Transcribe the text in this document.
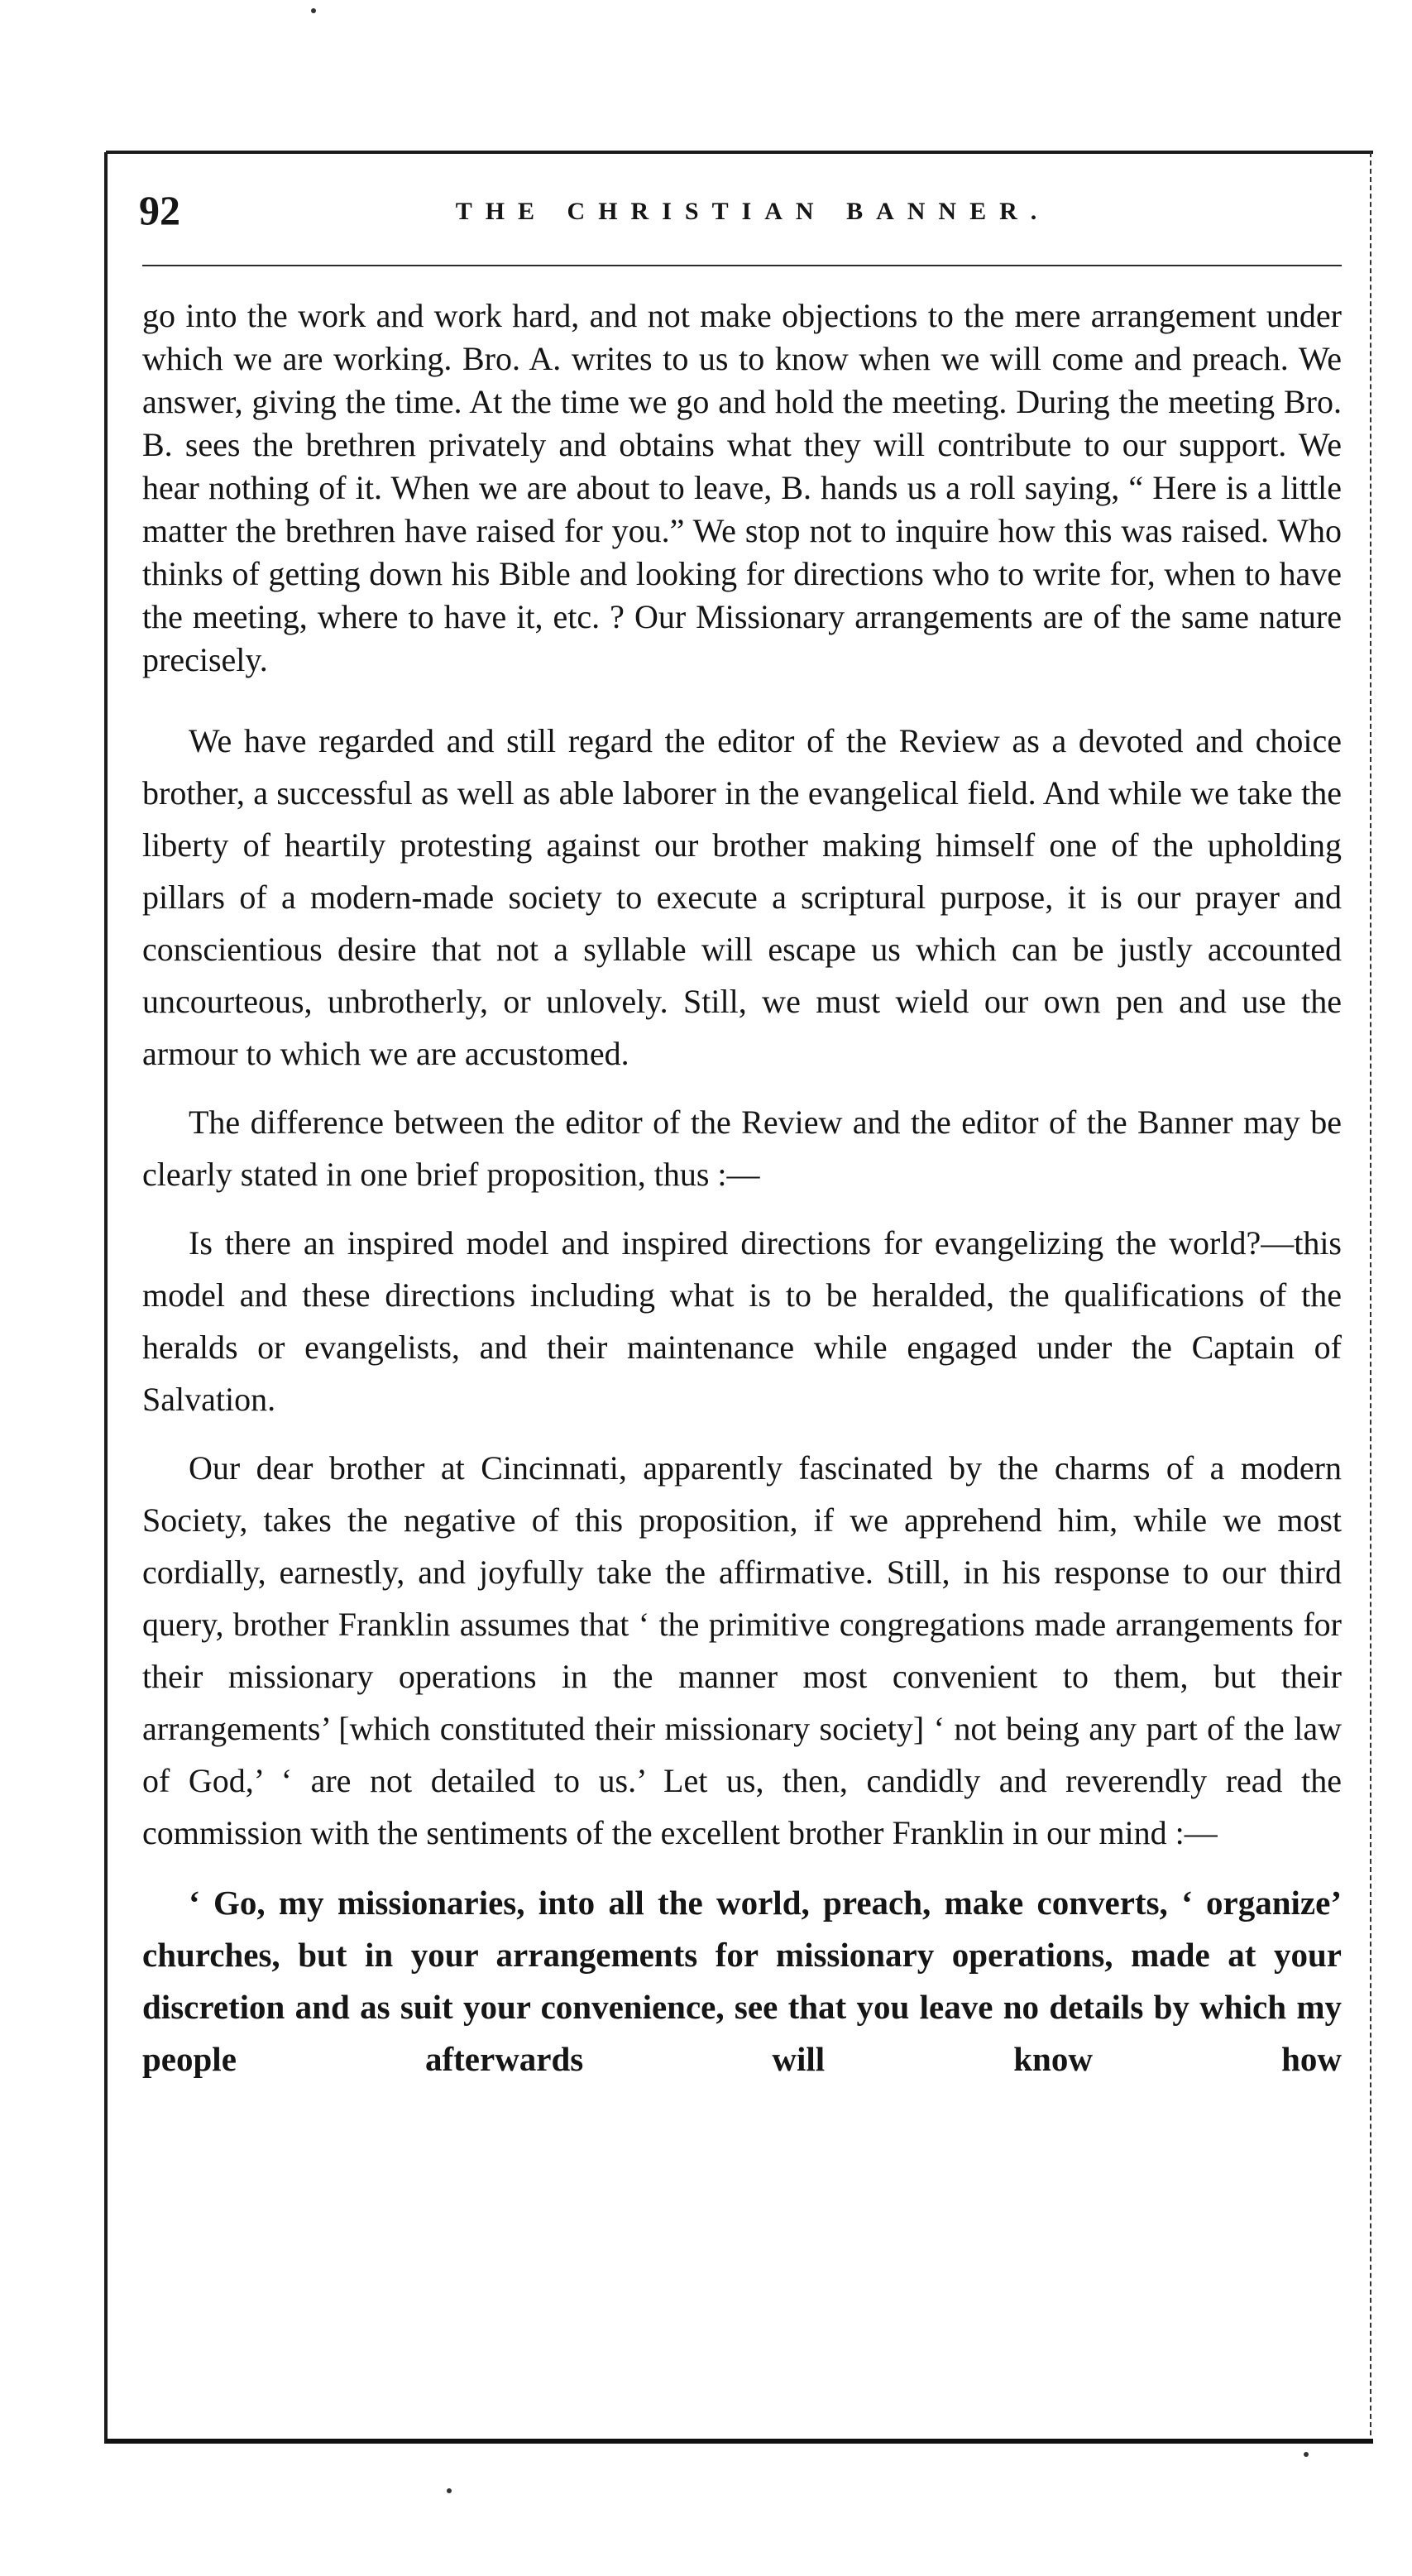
92	THE CHRISTIAN BANNER.

go into the work and work hard, and not make objections to the mere arrangement under which we are working. Bro. A. writes to us to know when we will come and preach. We answer, giving the time. At the time we go and hold the meeting. During the meeting Bro. B. sees the brethren privately and obtains what they will contribute to our support. We hear nothing of it. When we are about to leave, B. hands us a roll saying, “ Here is a little matter the brethren have raised for you.” We stop not to inquire how this was raised. Who thinks of getting down his Bible and looking for directions who to write for, when to have the meeting, where to have it, etc. ? Our Missionary arrangements are of the same nature precisely.

We have regarded and still regard the editor of the Review as a devoted and choice brother, a successful as well as able laborer in the evangelical field. And while we take the liberty of heartily protesting against our brother making himself one of the upholding pillars of a modern-made society to execute a scriptural purpose, it is our prayer and conscientious desire that not a syllable will escape us which can be justly accounted uncourteous, unbrotherly, or unlovely. Still, we must wield our own pen and use the armour to which we are accustomed.

The difference between the editor of the Review and the editor of the Banner may be clearly stated in one brief proposition, thus :—

Is there an inspired model and inspired directions for evangelizing the world?—this model and these directions including what is to be heralded, the qualifications of the heralds or evangelists, and their maintenance while engaged under the Captain of Salvation.

Our dear brother at Cincinnati, apparently fascinated by the charms of a modern Society, takes the negative of this proposition, if we apprehend him, while we most cordially, earnestly, and joyfully take the affirmative. Still, in his response to our third query, brother Franklin assumes that ‘ the primitive congregations made arrangements for their missionary operations in the manner most convenient to them, but their arrangements’ [which constituted their missionary society] ‘ not being any part of the law of God,’ ‘ are not detailed to us.’ Let us, then, candidly and reverendly read the commission with the sentiments of the excellent brother Franklin in our mind :—

‘ Go, my missionaries, into all the world, preach, make converts, ‘ organize’ churches, but in your arrangements for missionary operations, made at your discretion and as suit your convenience, see that you leave no details by which my people afterwards will know how
